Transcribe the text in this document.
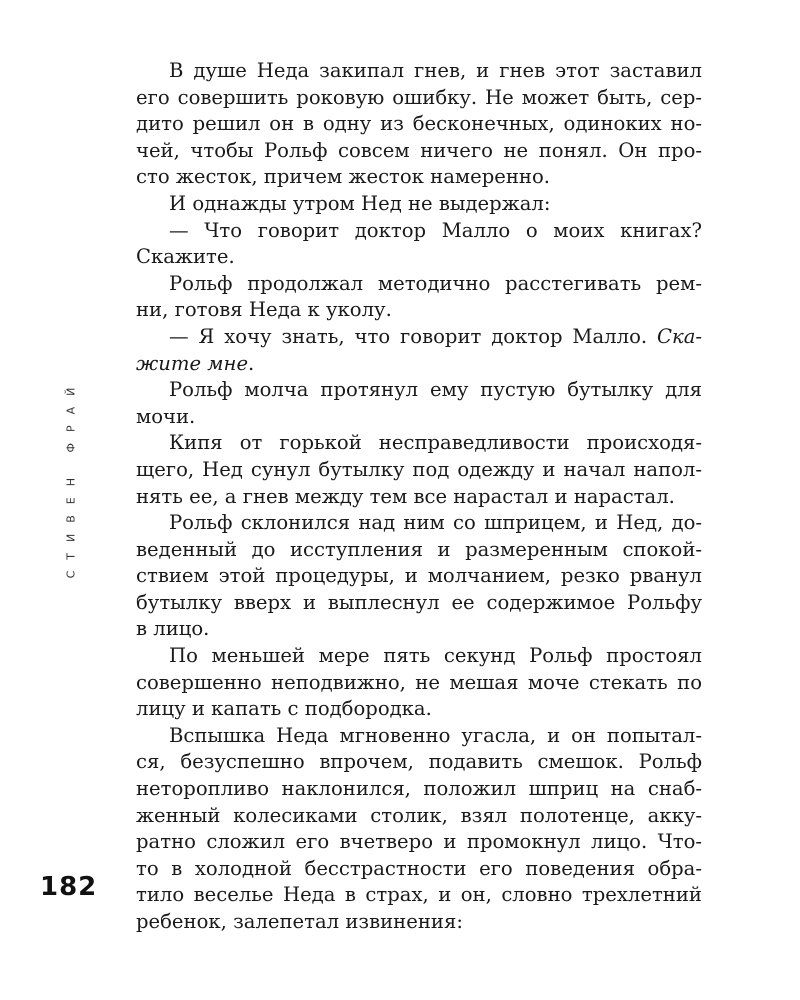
СТИВЕН ФРАЙ
В душе Неда закипал гнев, и гнев этот заставил
его совершить роковую ошибку. Не может быть, сер-
дито решил он в одну из бесконечных, одиноких но-
чей, чтобы Рольф совсем ничего не понял. Он про-
сто жесток, причем жесток намеренно.
И однажды утром Нед не выдержал:
— Что говорит доктор Малло о моих книгах?
Скажите.
Рольф продолжал методично расстегивать рем-
ни, готовя Неда к уколу.
— Я хочу знать, что говорит доктор Малло. Ска-
жите мне.
Рольф молча протянул ему пустую бутылку для
мочи.
Кипя от горькой несправедливости происходя-
щего, Нед сунул бутылку под одежду и начал напол-
нять ее, а гнев между тем все нарастал и нарастал.
Рольф склонился над ним со шприцем, и Нед, до-
веденный до исступления и размеренным спокой-
ствием этой процедуры, и молчанием, резко рванул
бутылку вверх и выплеснул ее содержимое Рольфу
в лицо.
По меньшей мере пять секунд Рольф простоял
совершенно неподвижно, не мешая моче стекать по
лицу и капать с подбородка.
Вспышка Неда мгновенно угасла, и он попытал-
ся, безуспешно впрочем, подавить смешок. Рольф
неторопливо наклонился, положил шприц на снаб-
женный колесиками столик, взял полотенце, акку-
ратно сложил его вчетверо и промокнул лицо. Что-
то в холодной бесстрастности его поведения обра-
тило веселье Неда в страх, и он, словно трехлетний
ребенок, залепетал извинения:
182
